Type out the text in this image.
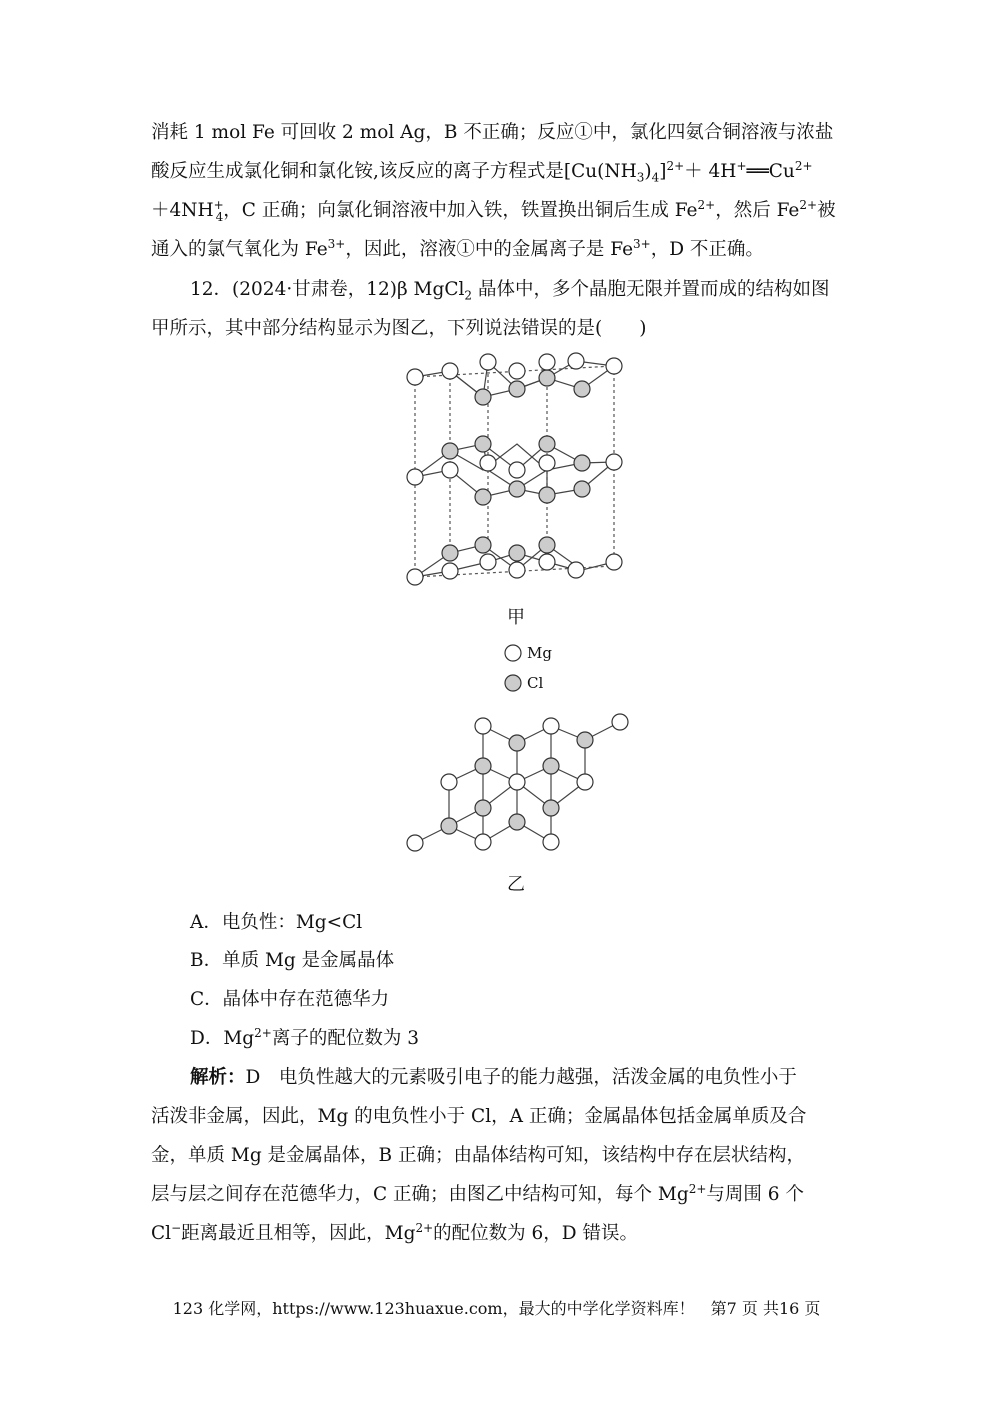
消耗 1 mol Fe 可回收 2 mol Ag，B 不正确；反应①中，氯化四氨合铜溶液与浓盐
酸反应生成氯化铜和氯化铵,该反应的离子方程式是$[Cu(NH_3)_4]^{2+}+$ $4H^+══Cu^{2+}$
$+4NH^+_4$，C 正确；向氯化铜溶液中加入铁，铁置换出铜后生成 $Fe^{2+}$，然后 $Fe^{2+}$被
通入的氯气氧化为 $Fe^{3+}$，因此，溶液①中的金属离子是 $Fe^{3+}$，D 不正确。
12．(2024·甘肃卷，12)β MgCl$_2$ 晶体中，多个晶胞无限并置而成的结构如图
甲所示，其中部分结构显示为图乙，下列说法错误的是(　　)
甲
Mg
Cl
乙
A．电负性：Mg<Cl
B．单质 Mg 是金属晶体
C．晶体中存在范德华力
D．$Mg^{2+}$离子的配位数为 3
解析：D　电负性越大的元素吸引电子的能力越强，活泼金属的电负性小于
活泼非金属，因此，Mg 的电负性小于 Cl，A 正确；金属晶体包括金属单质及合
金，单质 Mg 是金属晶体，B 正确；由晶体结构可知，该结构中存在层状结构，
层与层之间存在范德华力，C 正确；由图乙中结构可知，每个 $Mg^{2+}$与周围 6 个
Cl−距离最近且相等，因此，$Mg^{2+}$的配位数为 6，D 错误。
123 化学网，https://www.123huaxue.com，最大的中学化学资料库！　第7 页 共16 页
